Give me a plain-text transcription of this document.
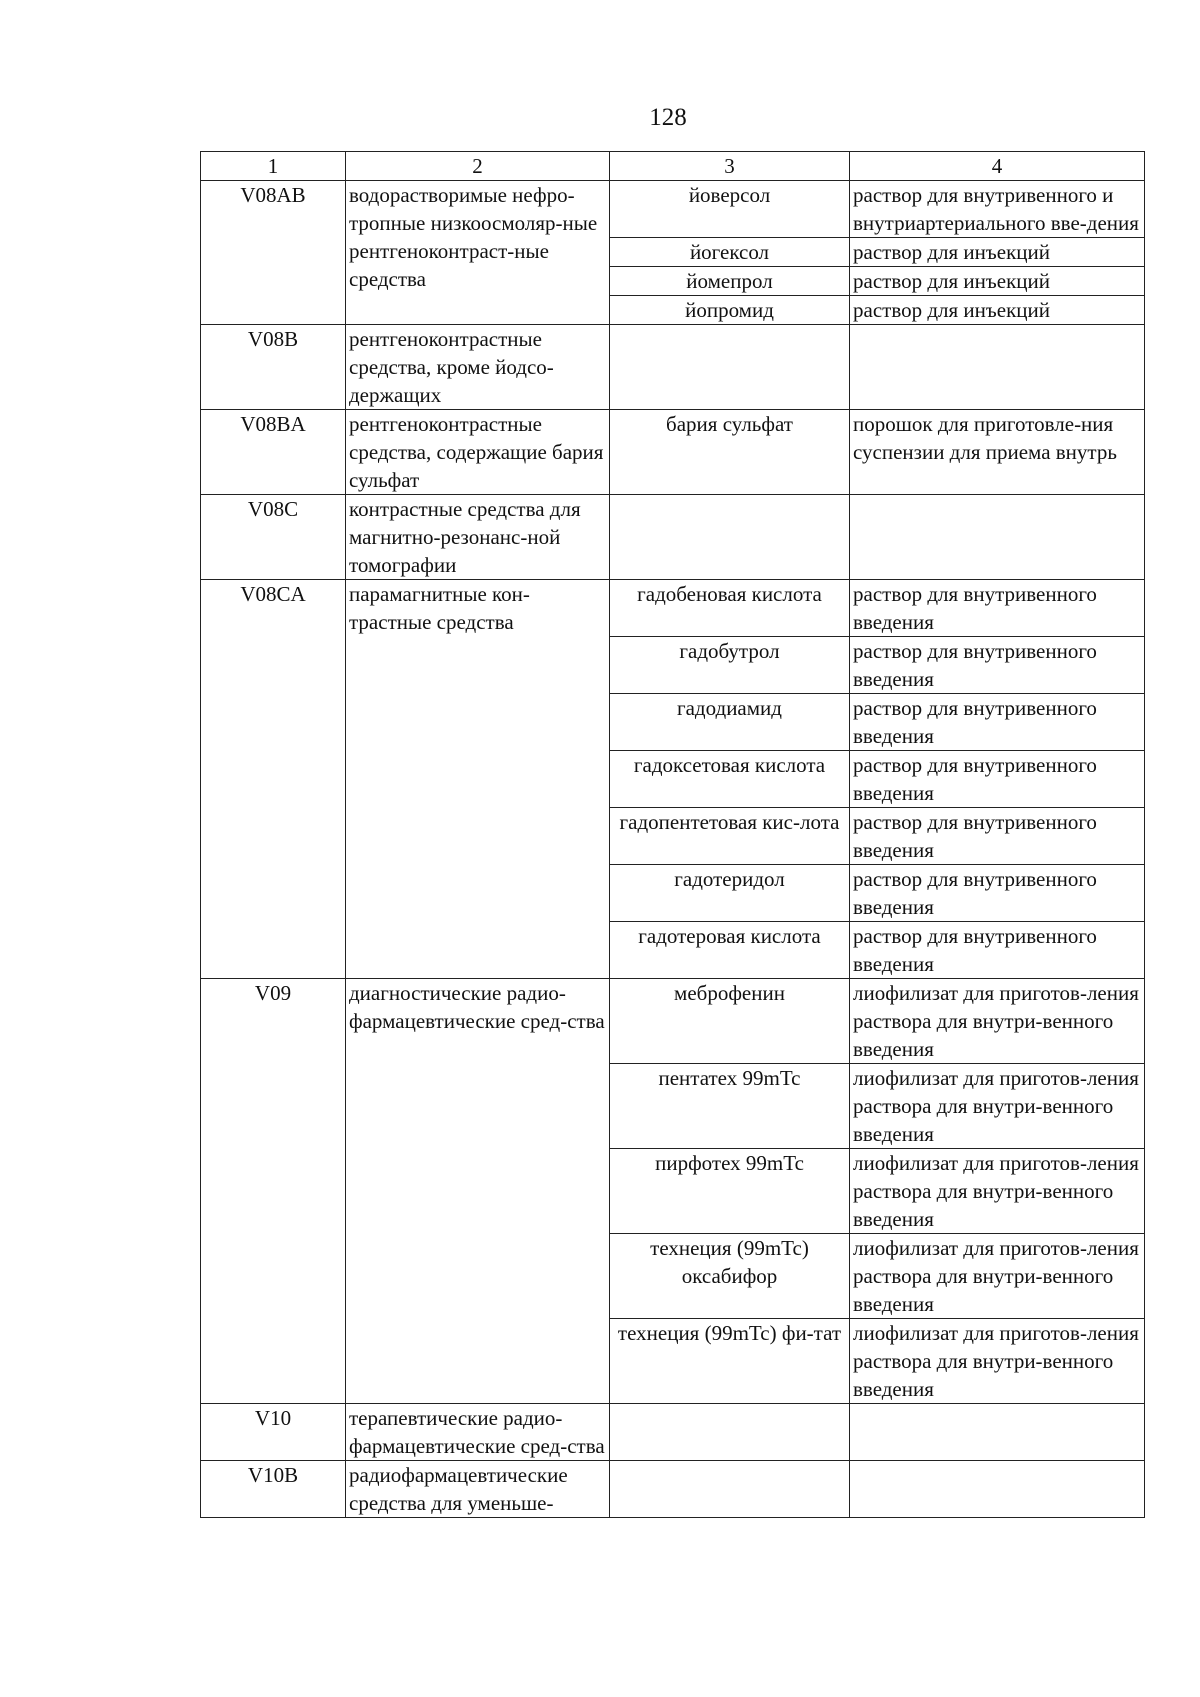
128
1	2	3	4
V08AB	водорастворимые нефро-тропные низкоосмоляр-ные рентгеноконтраст-ные средства	йоверсол	раствор для внутривенного и внутриартериального вве-дения
		йогексол	раствор для инъекций
		йомепрол	раствор для инъекций
		йопромид	раствор для инъекций
V08B	рентгеноконтрастные средства, кроме йодсо-держащих		
V08BA	рентгеноконтрастные средства, содержащие бария сульфат	бария сульфат	порошок для приготовле-ния суспензии для приема внутрь
V08C	контрастные средства для магнитно-резонанс-ной томографии		
V08CA	парамагнитные кон-трастные средства	гадобеновая кислота	раствор для внутривенного введения
		гадобутрол	раствор для внутривенного введения
		гадодиамид	раствор для внутривенного введения
		гадоксетовая кислота	раствор для внутривенного введения
		гадопентетовая кис-лота	раствор для внутривенного введения
		гадотеридол	раствор для внутривенного введения
		гадотеровая кислота	раствор для внутривенного введения
V09	диагностические радио-фармацевтические сред-ства	меброфенин	лиофилизат для приготов-ления раствора для внутри-венного введения
		пентатех 99mTc	лиофилизат для приготов-ления раствора для внутри-венного введения
		пирфотех 99mTc	лиофилизат для приготов-ления раствора для внутри-венного введения
		технеция (99mTc) оксабифор	лиофилизат для приготов-ления раствора для внутри-венного введения
		технеция (99mTc) фи-тат	лиофилизат для приготов-ления раствора для внутри-венного введения
V10	терапевтические радио-фармацевтические сред-ства		
V10B	радиофармацевтические средства для уменьше-		
